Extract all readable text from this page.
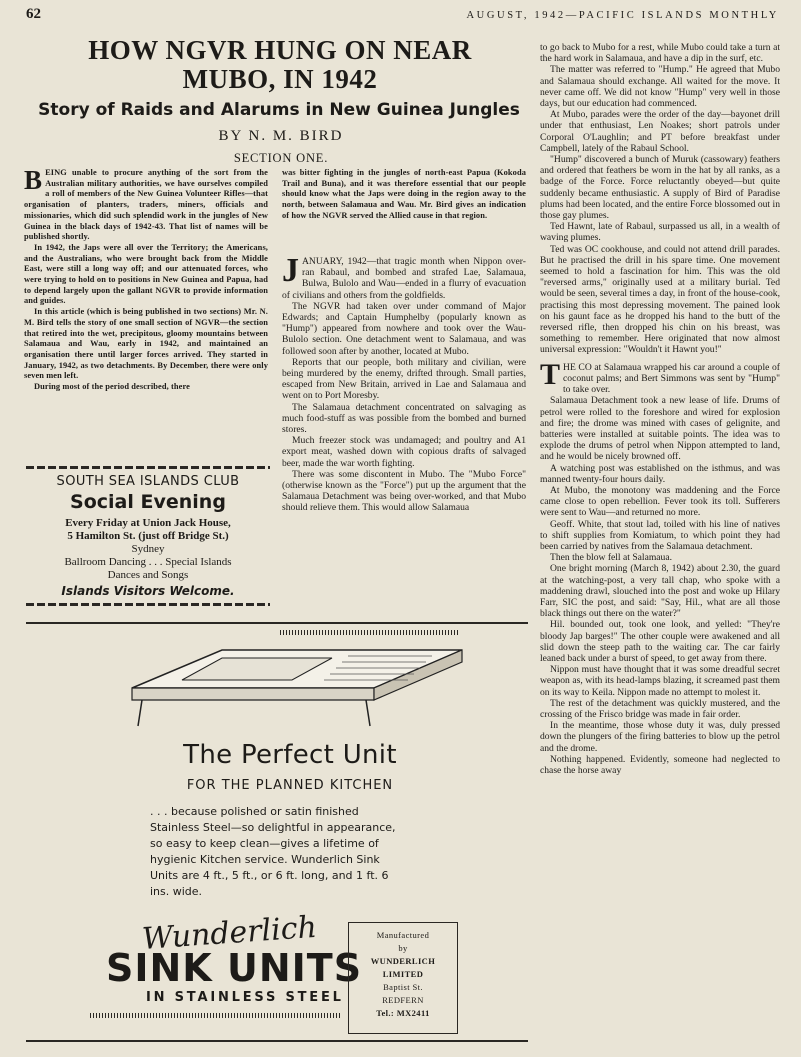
62	AUGUST, 1942—PACIFIC ISLANDS MONTHLY
HOW NGVR HUNG ON NEAR
MUBO, IN 1942
Story of Raids and Alarums in New Guinea Jungles
BY N. M. BIRD
SECTION ONE.

BEING unable to procure anything of the sort from the Australian military authorities, we have ourselves compiled a roll of members of the New Guinea Volunteer Rifles—that organisation of planters, traders, miners, officials and missionaries, which did such splendid work in the jungles of New Guinea in the black days of 1942-43. That list of names will be published shortly.

In 1942, the Japs were all over the Territory; the Americans, and the Australians, who were brought back from the Middle East, were still a long way off; and our attenuated forces, who were trying to hold on to positions in New Guinea and Papua, had to depend largely upon the gallant NGVR to provide information and guides.

In this article (which is being published in two sections) Mr. N. M. Bird tells the story of one small section of NGVR—the section that retired into the wet, precipitous, gloomy mountains between Salamaua and Wau, early in 1942, and maintained an organisation there until larger forces arrived. They started in January, 1942, as two detachments. By December, there were only seven men left.

During most of the period described, there

was bitter fighting in the jungles of north-east Papua (Kokoda Trail and Buna), and it was therefore essential that our people should know what the Japs were doing in the region away to the north, between Salamaua and Wau. Mr. Bird gives an indication of how the NGVR served the Allied cause in that region.

JANUARY, 1942—that tragic month when Nippon over-ran Rabaul, and bombed and strafed Lae, Salamaua, Bulwa, Bulolo and Wau—ended in a flurry of evacuation of civilians and others from the goldfields.

The NGVR had taken over under command of Major Edwards; and Captain Humphelby (popularly known as "Hump") appeared from nowhere and took over the Wau-Bulolo section. One detachment went to Salamaua, and was followed soon after by another, located at Mubo.

Reports that our people, both military and civilian, were being murdered by the enemy, drifted through. Small parties, escaped from New Britain, arrived in Lae and Salamaua and went on to Port Moresby.

The Salamaua detachment concentrated on salvaging as much food-stuff as was possible from the bombed and burned stores.

Much freezer stock was undamaged; and poultry and A1 export meat, washed down with copious drafts of salvaged beer, made the war worth fighting.

There was some discontent in Mubo. The "Mubo Force" (otherwise known as the "Force") put up the argument that the Salamaua Detachment was being over-worked, and that Mubo should relieve them. This would allow Salamaua

to go back to Mubo for a rest, while Mubo could take a turn at the hard work in Salamaua, and have a dip in the surf, etc.

The matter was referred to "Hump." He agreed that Mubo and Salamaua should exchange. All waited for the move. It never came off. We did not know "Hump" very well in those days, but our education had commenced.

At Mubo, parades were the order of the day—bayonet drill under that enthusiast, Len Noakes; short patrols under Corporal O'Laughlin; and PT before breakfast under Campbell, lately of the Rabaul School.

"Hump" discovered a bunch of Muruk (cassowary) feathers and ordered that feathers be worn in the hat by all ranks, as a badge of the Force. Force reluctantly obeyed—but quite suddenly became enthusiastic. A supply of Bird of Paradise plums had been located, and the entire Force blossomed out in those gay plumes.

Ted Hawnt, late of Rabaul, surpassed us all, in a wealth of waving plumes.

Ted was OC cookhouse, and could not attend drill parades. But he practised the drill in his spare time. One movement seemed to hold a fascination for him. This was the old "reversed arms," originally used at a military burial. Ted would be seen, several times a day, in front of the house-cook, practising this most depressing movement. The pained look on his gaunt face as he dropped his hand to the butt of the reversed rifle, then dropped his chin on his breast, was something to remember. Here originated that now almost universal expression: "Wouldn't it Hawnt you!"

THE CO at Salamaua wrapped his car around a couple of coconut palms; and Bert Simmons was sent by "Hump" to take over.

Salamaua Detachment took a new lease of life. Drums of petrol were rolled to the foreshore and wired for explosion and fire; the drome was mined with cases of gelignite, and batteries were installed at suitable points. The idea was to explode the drums of petrol when Nippon attempted to land, and he would be nicely browned off.

A watching post was established on the isthmus, and was manned twenty-four hours daily.

At Mubo, the monotony was maddening and the Force came close to open rebellion. Fever took its toll. Sufferers were sent to Wau—and returned no more.

Geoff. White, that stout lad, toiled with his line of natives to shift supplies from Komiatum, to which point they had been carried by natives from the Salamaua detachment.

Then the blow fell at Salamaua.

One bright morning (March 8, 1942) about 2.30, the guard at the watching-post, a very tall chap, who spoke with a maddening drawl, slouched into the post and woke up Hilary Farr, SIC the post, and said: "Say, Hil., what are all those black things out there on the water?"

Hil. bounded out, took one look, and yelled: "They're bloody Jap barges!" The other couple were awakened and all slid down the steep path to the waiting car. The car fairly leaned back under a burst of speed, to get away from there.

Nippon must have thought that it was some dreadful secret weapon as, with its head-lamps blazing, it screamed past them on its way to Keila. Nippon made no attempt to molest it.

The rest of the detachment was quickly mustered, and the crossing of the Frisco bridge was made in fair order.

In the meantime, those whose duty it was, duly pressed down the plungers of the firing batteries to blow up the petrol and the drome.

Nothing happened. Evidently, someone had neglected to chase the horse away

SOUTH SEA ISLANDS CLUB
Social Evening
Every Friday at Union Jack House,
5 Hamilton St. (just off Bridge St.)
Sydney
Ballroom Dancing . . . Special Islands
Dances and Songs
Islands Visitors Welcome.
The Perfect Unit
FOR THE PLANNED KITCHEN
. . . because polished or satin finished Stainless Steel—so delightful in appearance, so easy to keep clean—gives a lifetime of hygienic Kitchen service. Wunderlich Sink Units are 4 ft., 5 ft., or 6 ft. long, and 1 ft. 6 ins. wide.
Wunderlich
SINK UNITS
IN STAINLESS STEEL
Manufactured
by
WUNDERLICH
LIMITED
Baptist St.
REDFERN
Tel.: MX2411
